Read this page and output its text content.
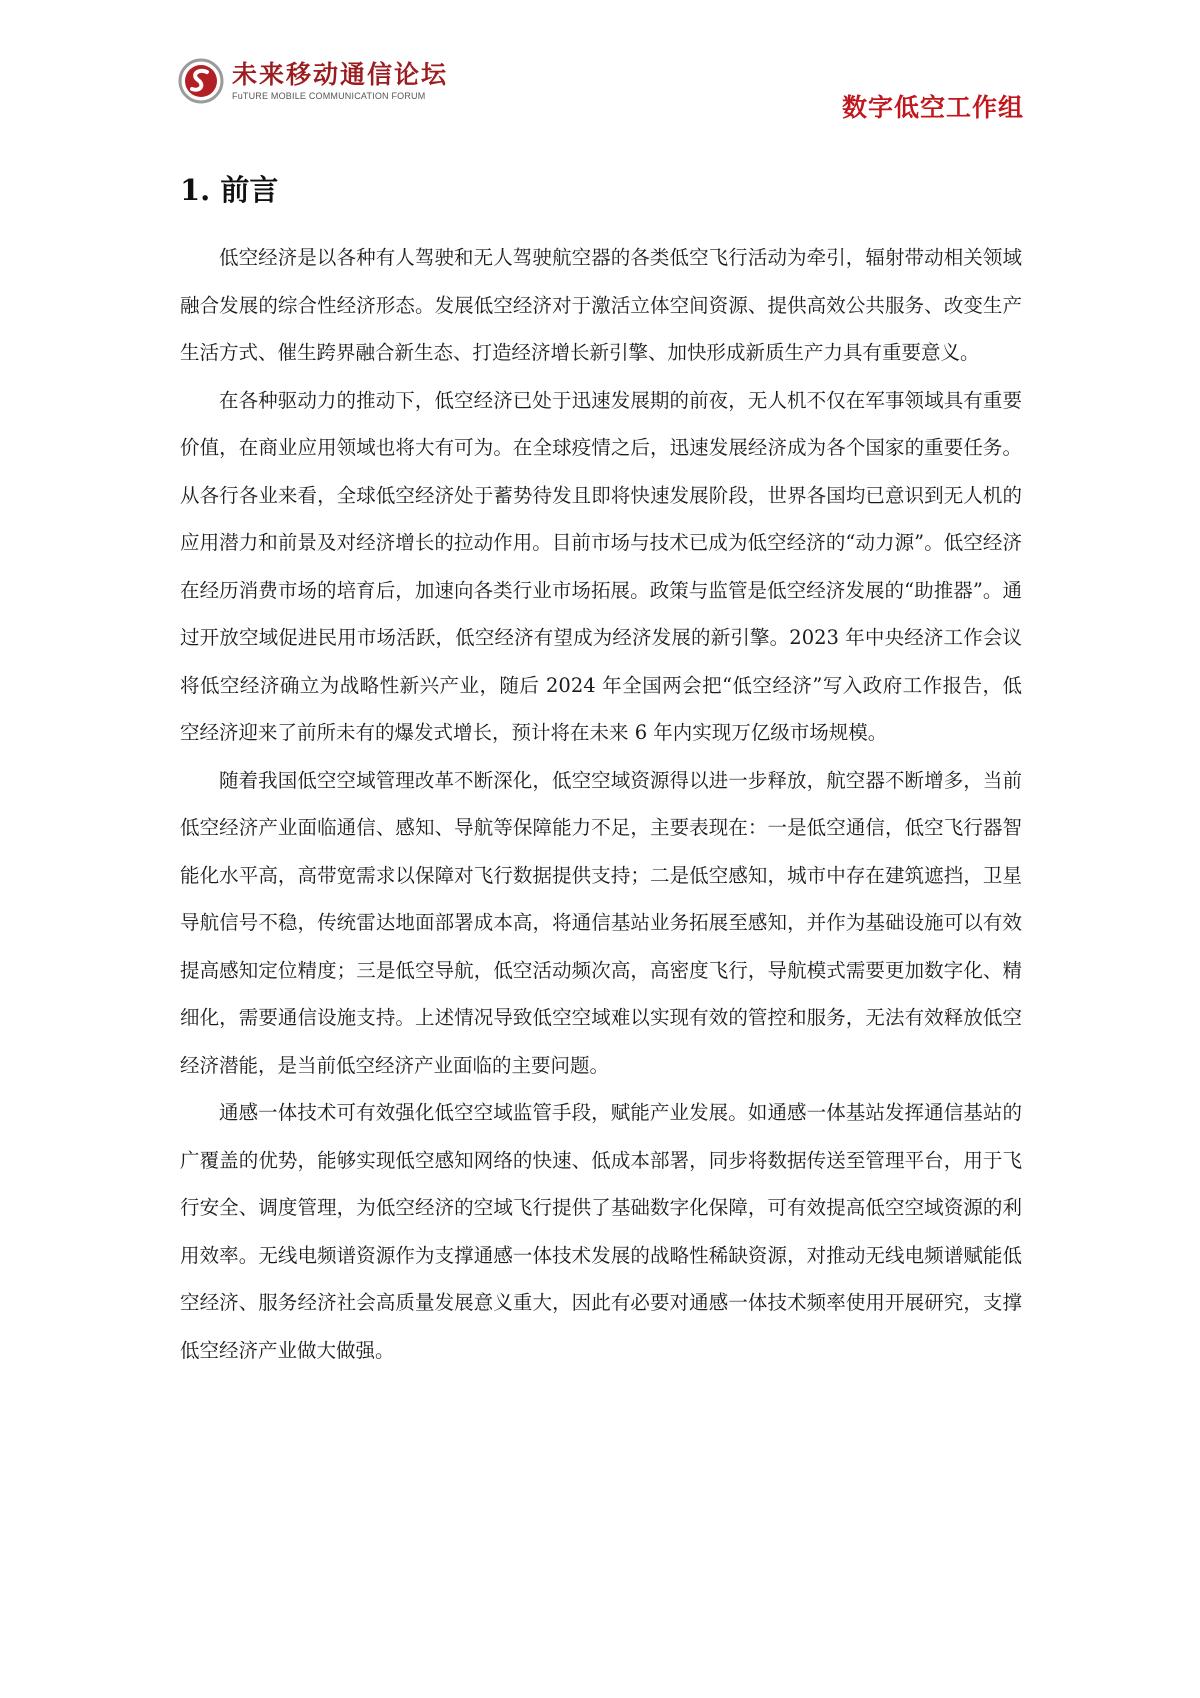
未来移动通信论坛
FuTURE MOBILE COMMUNICATION FORUM	数字低空工作组
1. 前言

低空经济是以各种有人驾驶和无人驾驶航空器的各类低空飞行活动为牵引，辐射带动相关领域融合发展的综合性经济形态。发展低空经济对于激活立体空间资源、提供高效公共服务、改变生产生活方式、催生跨界融合新生态、打造经济增长新引擎、加快形成新质生产力具有重要意义。

在各种驱动力的推动下，低空经济已处于迅速发展期的前夜，无人机不仅在军事领域具有重要价值，在商业应用领域也将大有可为。在全球疫情之后，迅速发展经济成为各个国家的重要任务。从各行各业来看，全球低空经济处于蓄势待发且即将快速发展阶段，世界各国均已意识到无人机的应用潜力和前景及对经济增长的拉动作用。目前市场与技术已成为低空经济的“动力源”。低空经济在经历消费市场的培育后，加速向各类行业市场拓展。政策与监管是低空经济发展的“助推器”。通过开放空域促进民用市场活跃，低空经济有望成为经济发展的新引擎。2023 年中央经济工作会议将低空经济确立为战略性新兴产业，随后 2024 年全国两会把“低空经济”写入政府工作报告，低空经济迎来了前所未有的爆发式增长，预计将在未来 6 年内实现万亿级市场规模。

随着我国低空空域管理改革不断深化，低空空域资源得以进一步释放，航空器不断增多，当前低空经济产业面临通信、感知、导航等保障能力不足，主要表现在：一是低空通信，低空飞行器智能化水平高，高带宽需求以保障对飞行数据提供支持；二是低空感知，城市中存在建筑遮挡，卫星导航信号不稳，传统雷达地面部署成本高，将通信基站业务拓展至感知，并作为基础设施可以有效提高感知定位精度；三是低空导航，低空活动频次高，高密度飞行，导航模式需要更加数字化、精细化，需要通信设施支持。上述情况导致低空空域难以实现有效的管控和服务，无法有效释放低空经济潜能，是当前低空经济产业面临的主要问题。

通感一体技术可有效强化低空空域监管手段，赋能产业发展。如通感一体基站发挥通信基站的广覆盖的优势，能够实现低空感知网络的快速、低成本部署，同步将数据传送至管理平台，用于飞行安全、调度管理，为低空经济的空域飞行提供了基础数字化保障，可有效提高低空空域资源的利用效率。无线电频谱资源作为支撑通感一体技术发展的战略性稀缺资源，对推动无线电频谱赋能低空经济、服务经济社会高质量发展意义重大，因此有必要对通感一体技术频率使用开展研究，支撑低空经济产业做大做强。
